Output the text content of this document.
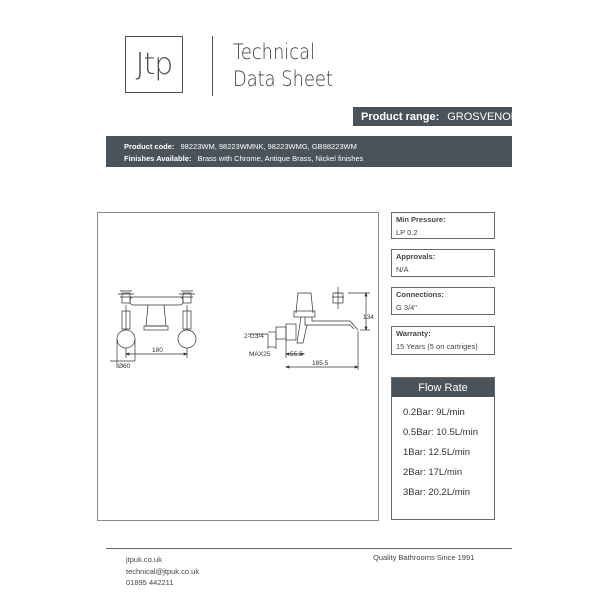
Jtp	Technical
Data Sheet
Product range: GROSVENOR
Product code: 98223WM, 98223WMNK, 98223WMG, GB98223WM
Finishes Available: Brass with Chrome, Antique Brass, Nickel finishes
180
Ø60
2-G3/4
MAX25	55.5
185.5
134
Min Pressure:
LP 0.2
Approvals:
N/A
Connections:
G 3/4"
Warranty:
15 Years (5 on cartriges)
Flow Rate
0.2Bar: 9L/min
0.5Bar: 10.5L/min
1Bar: 12.5L/min
2Bar: 17L/min
3Bar: 20.2L/min
jtpuk.co.uk
technical@jtpuk.co.uk
01895 442211
Quality Bathrooms Since 1991
